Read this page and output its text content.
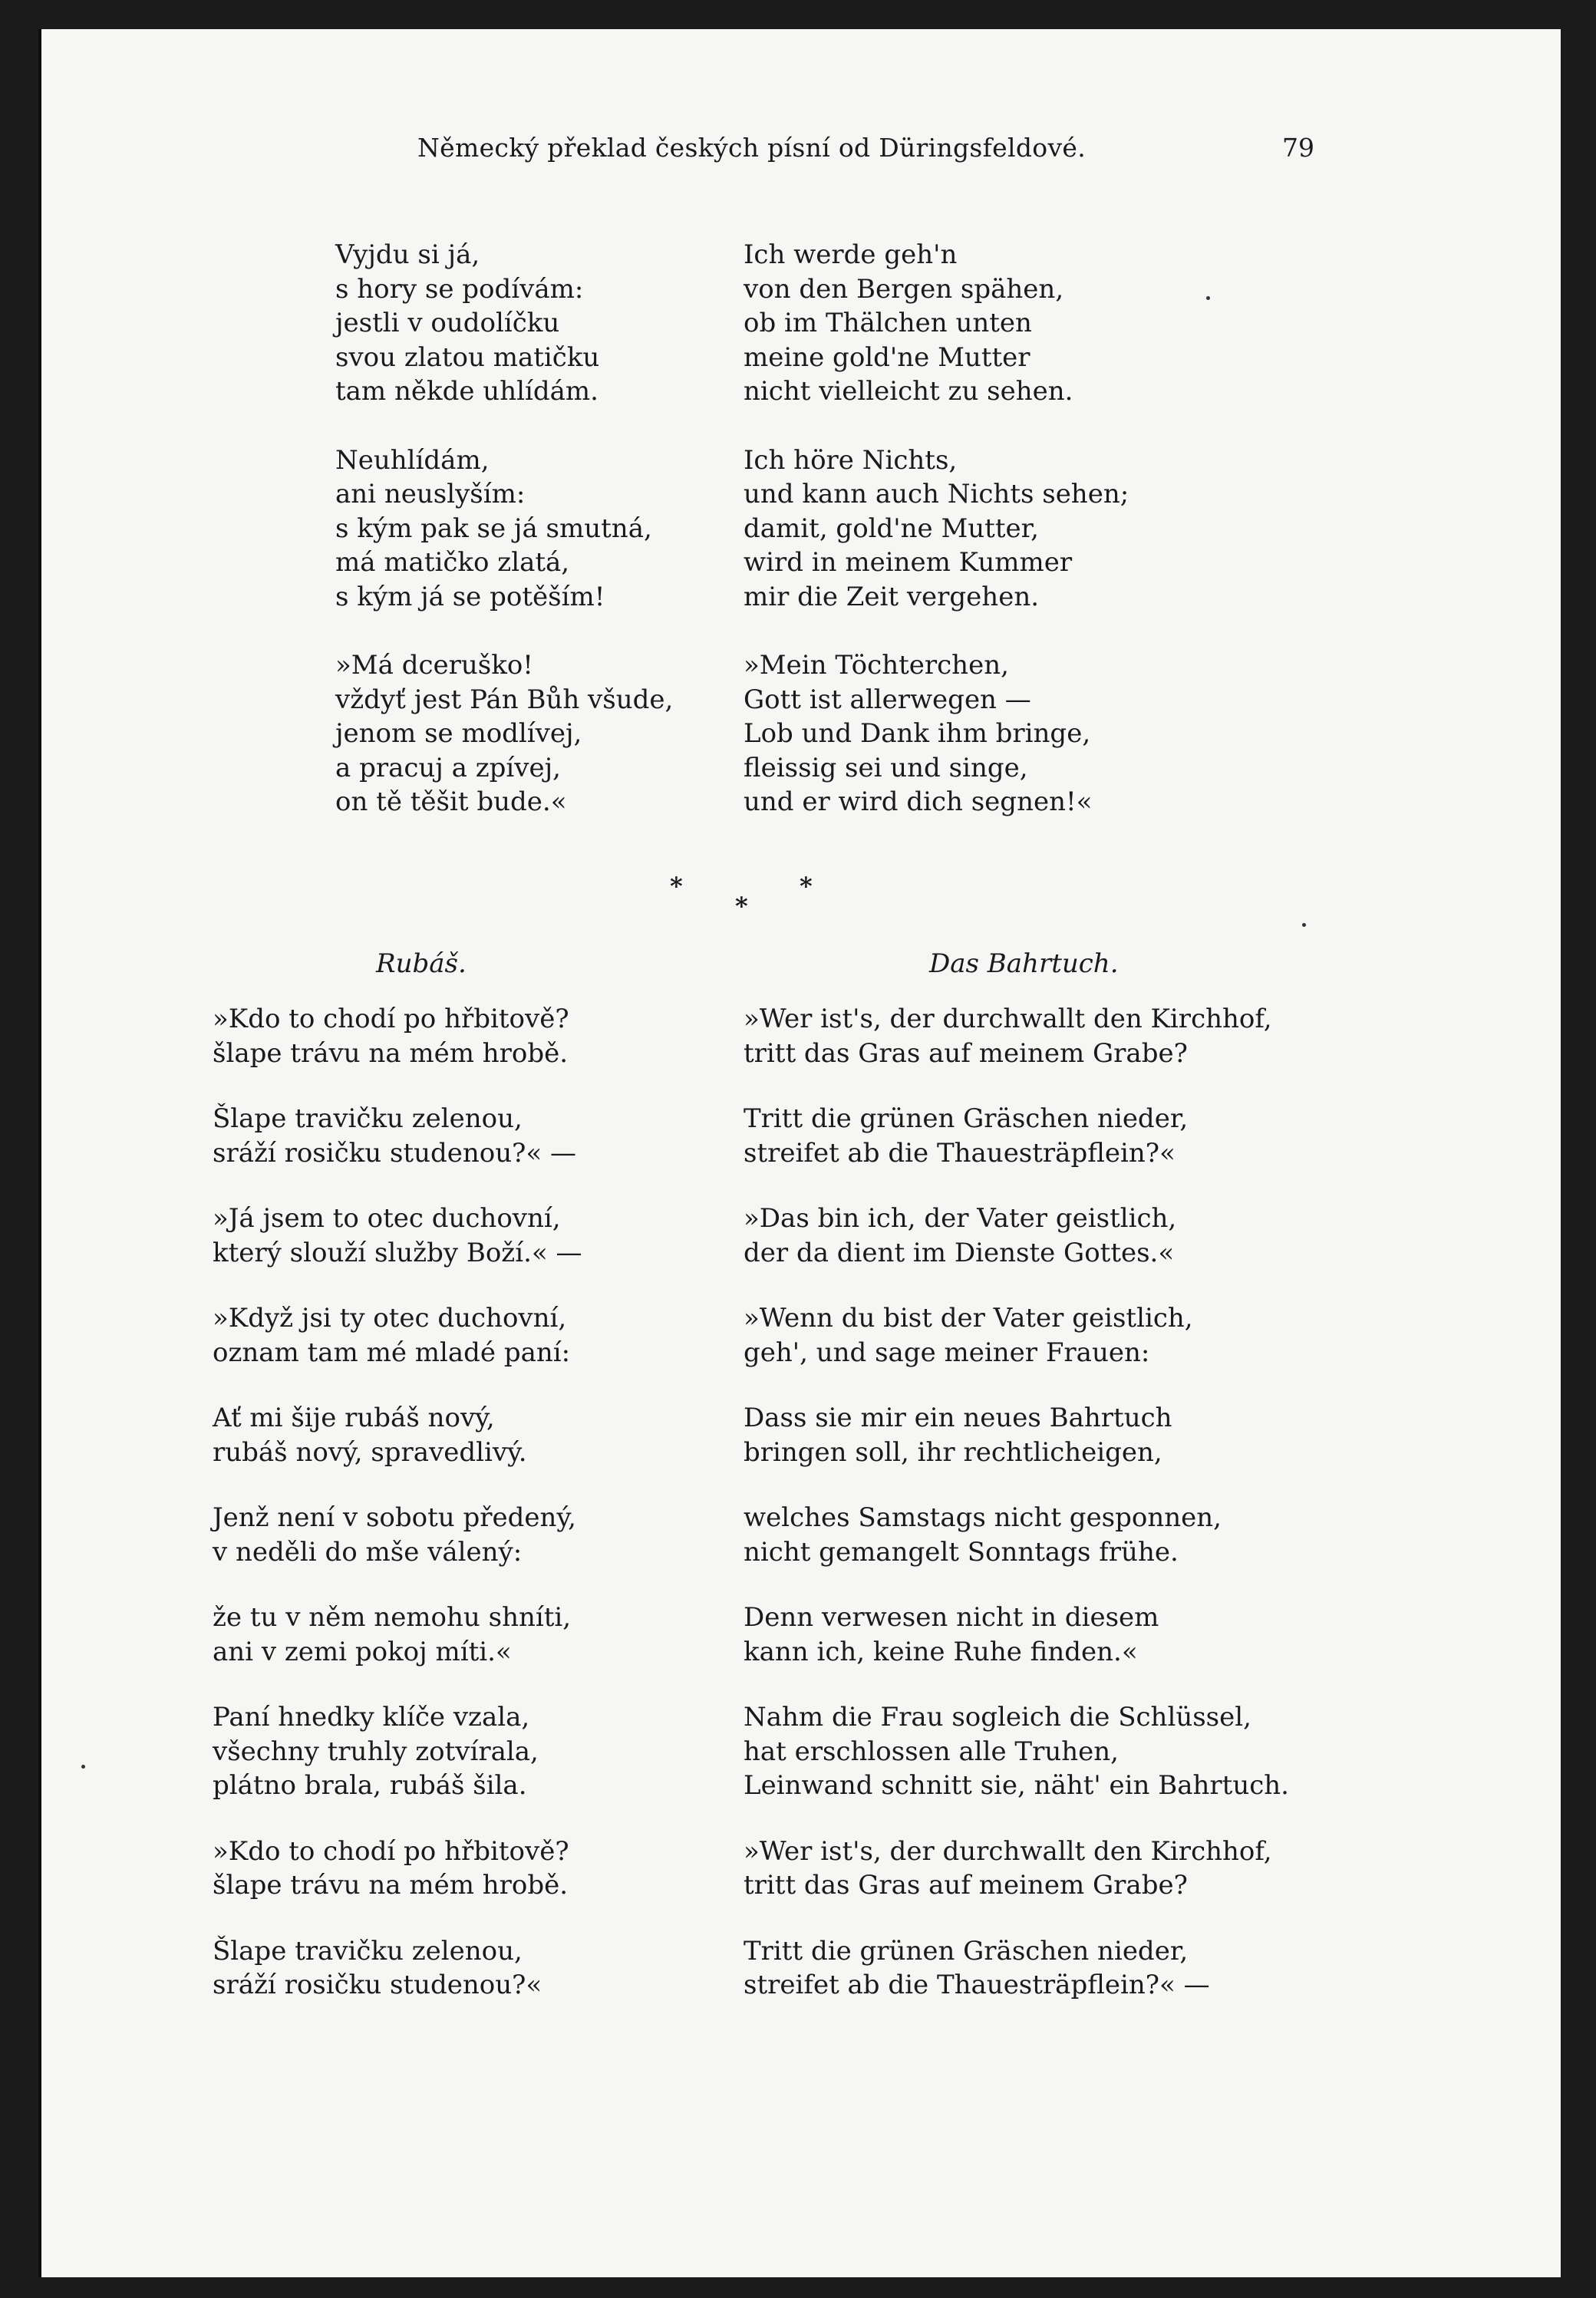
Německý překlad českých písní od Düringsfeldové.	79
Vyjdu si já,
s hory se podívám:
jestli v oudolíčku
svou zlatou matičku
tam někde uhlídám.
Neuhlídám,
ani neuslyším:
s kým pak se já smutná,
má matičko zlatá,
s kým já se potěším!
»Má dceruško!
vždyť jest Pán Bůh všude,
jenom se modlívej,
a pracuj a zpívej,
on tě těšit bude.«
Ich werde geh'n
von den Bergen spähen,
ob im Thälchen unten
meine gold'ne Mutter
nicht vielleicht zu sehen.
Ich höre Nichts,
und kann auch Nichts sehen;
damit, gold'ne Mutter,
wird in meinem Kummer
mir die Zeit vergehen.
»Mein Töchterchen,
Gott ist allerwegen —
Lob und Dank ihm bringe,
fleissig sei und singe,
und er wird dich segnen!«
*
*
*
Rubáš.	Das Bahrtuch.
»Kdo to chodí po hřbitově?
šlape trávu na mém hrobě.
Šlape travičku zelenou,
sráží rosičku studenou?« —
»Já jsem to otec duchovní,
který slouží služby Boží.« —
»Když jsi ty otec duchovní,
oznam tam mé mladé paní:
Ať mi šije rubáš nový,
rubáš nový, spravedlivý.
Jenž není v sobotu předený,
v neděli do mše válený:
že tu v něm nemohu shníti,
ani v zemi pokoj míti.«
Paní hnedky klíče vzala,
všechny truhly zotvírala,
plátno brala, rubáš šila.
»Kdo to chodí po hřbitově?
šlape trávu na mém hrobě.
Šlape travičku zelenou,
sráží rosičku studenou?«
»Wer ist's, der durchwallt den Kirchhof,
tritt das Gras auf meinem Grabe?
Tritt die grünen Gräschen nieder,
streifet ab die Thauesträpflein?«
»Das bin ich, der Vater geistlich,
der da dient im Dienste Gottes.«
»Wenn du bist der Vater geistlich,
geh', und sage meiner Frauen:
Dass sie mir ein neues Bahrtuch
bringen soll, ihr rechtlicheigen,
welches Samstags nicht gesponnen,
nicht gemangelt Sonntags frühe.
Denn verwesen nicht in diesem
kann ich, keine Ruhe finden.«
Nahm die Frau sogleich die Schlüssel,
hat erschlossen alle Truhen,
Leinwand schnitt sie, näht' ein Bahrtuch.
»Wer ist's, der durchwallt den Kirchhof,
tritt das Gras auf meinem Grabe?
Tritt die grünen Gräschen nieder,
streifet ab die Thauesträpflein?« —
